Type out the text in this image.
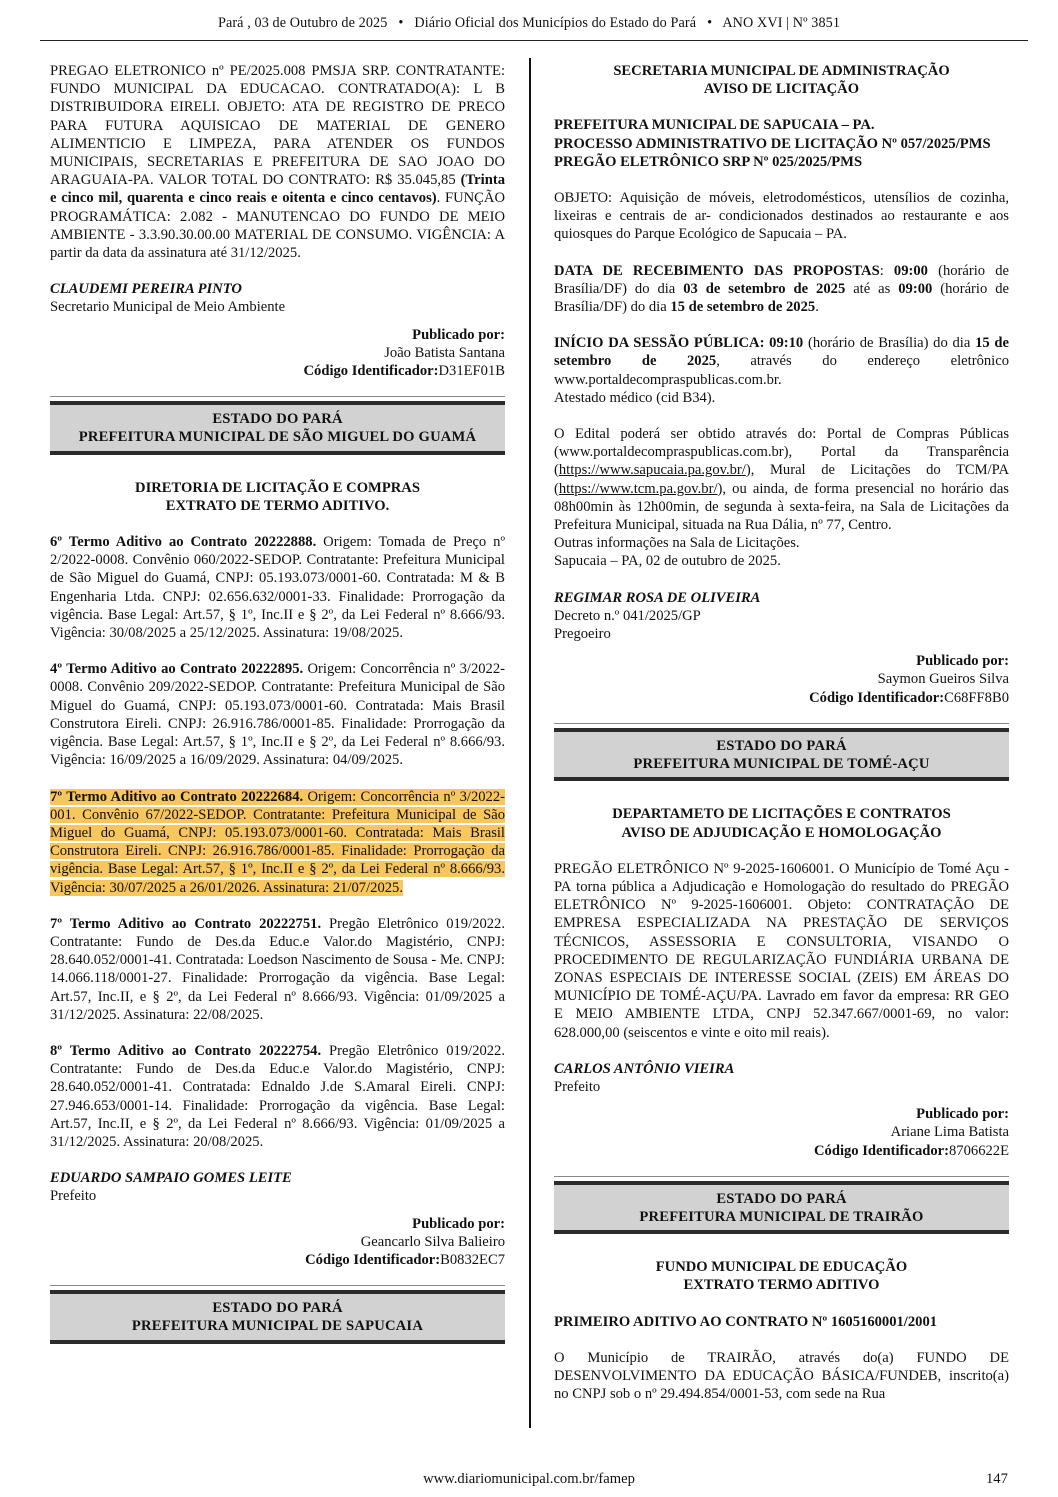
Pará , 03 de Outubro de 2025 • Diário Oficial dos Municípios do Estado do Pará • ANO XVI | Nº 3851

PREGAO ELETRONICO nº PE/2025.008 PMSJA SRP. CONTRATANTE: FUNDO MUNICIPAL DA EDUCACAO. CONTRATADO(A): L B DISTRIBUIDORA EIRELI. OBJETO: ATA DE REGISTRO DE PRECO PARA FUTURA AQUISICAO DE MATERIAL DE GENERO ALIMENTICIO E LIMPEZA, PARA ATENDER OS FUNDOS MUNICIPAIS, SECRETARIAS E PREFEITURA DE SAO JOAO DO ARAGUAIA-PA. VALOR TOTAL DO CONTRATO: R$ 35.045,85 (Trinta e cinco mil, quarenta e cinco reais e oitenta e cinco centavos). FUNÇÃO PROGRAMÁTICA: 2.082 - MANUTENCAO DO FUNDO DE MEIO AMBIENTE - 3.3.90.30.00.00 MATERIAL DE CONSUMO. VIGÊNCIA: A partir da data da assinatura até 31/12/2025.

CLAUDEMI PEREIRA PINTO

Secretario Municipal de Meio Ambiente

Publicado por:

João Batista Santana

Código Identificador:D31EF01B

ESTADO DO PARÁ
PREFEITURA MUNICIPAL DE SÃO MIGUEL DO GUAMÁ

DIRETORIA DE LICITAÇÃO E COMPRAS

EXTRATO DE TERMO ADITIVO.

6º Termo Aditivo ao Contrato 20222888. Origem: Tomada de Preço nº 2/2022-0008. Convênio 060/2022-SEDOP. Contratante: Prefeitura Municipal de São Miguel do Guamá, CNPJ: 05.193.073/0001-60. Contratada: M & B Engenharia Ltda. CNPJ: 02.656.632/0001-33. Finalidade: Prorrogação da vigência. Base Legal: Art.57, § 1º, Inc.II e § 2º, da Lei Federal nº 8.666/93. Vigência: 30/08/2025 a 25/12/2025. Assinatura: 19/08/2025.

4º Termo Aditivo ao Contrato 20222895. Origem: Concorrência nº 3/2022-0008. Convênio 209/2022-SEDOP. Contratante: Prefeitura Municipal de São Miguel do Guamá, CNPJ: 05.193.073/0001-60. Contratada: Mais Brasil Construtora Eireli. CNPJ: 26.916.786/0001-85. Finalidade: Prorrogação da vigência. Base Legal: Art.57, § 1º, Inc.II e § 2º, da Lei Federal nº 8.666/93. Vigência: 16/09/2025 a 16/09/2029. Assinatura: 04/09/2025.

7º Termo Aditivo ao Contrato 20222684. Origem: Concorrência nº 3/2022-001. Convênio 67/2022-SEDOP. Contratante: Prefeitura Municipal de São Miguel do Guamá, CNPJ: 05.193.073/0001-60. Contratada: Mais Brasil Construtora Eireli. CNPJ: 26.916.786/0001-85. Finalidade: Prorrogação da vigência. Base Legal: Art.57, § 1º, Inc.II e § 2º, da Lei Federal nº 8.666/93. Vigência: 30/07/2025 a 26/01/2026. Assinatura: 21/07/2025.

7º Termo Aditivo ao Contrato 20222751. Pregão Eletrônico 019/2022. Contratante: Fundo de Des.da Educ.e Valor.do Magistério, CNPJ: 28.640.052/0001-41. Contratada: Loedson Nascimento de Sousa - Me. CNPJ: 14.066.118/0001-27. Finalidade: Prorrogação da vigência. Base Legal: Art.57, Inc.II, e § 2º, da Lei Federal nº 8.666/93. Vigência: 01/09/2025 a 31/12/2025. Assinatura: 22/08/2025.

8º Termo Aditivo ao Contrato 20222754. Pregão Eletrônico 019/2022. Contratante: Fundo de Des.da Educ.e Valor.do Magistério, CNPJ: 28.640.052/0001-41. Contratada: Ednaldo J.de S.Amaral Eireli. CNPJ: 27.946.653/0001-14. Finalidade: Prorrogação da vigência. Base Legal: Art.57, Inc.II, e § 2º, da Lei Federal nº 8.666/93. Vigência: 01/09/2025 a 31/12/2025. Assinatura: 20/08/2025.

EDUARDO SAMPAIO GOMES LEITE

Prefeito

Publicado por:

Geancarlo Silva Balieiro

Código Identificador:B0832EC7

ESTADO DO PARÁ
PREFEITURA MUNICIPAL DE SAPUCAIA

SECRETARIA MUNICIPAL DE ADMINISTRAÇÃO

AVISO DE LICITAÇÃO

PREFEITURA MUNICIPAL DE SAPUCAIA – PA.

PROCESSO ADMINISTRATIVO DE LICITAÇÃO Nº 057/2025/PMS

PREGÃO ELETRÔNICO SRP Nº 025/2025/PMS

OBJETO: Aquisição de móveis, eletrodomésticos, utensílios de cozinha, lixeiras e centrais de ar- condicionados destinados ao restaurante e aos quiosques do Parque Ecológico de Sapucaia – PA.

DATA DE RECEBIMENTO DAS PROPOSTAS: 09:00 (horário de Brasília/DF) do dia 03 de setembro de 2025 até as 09:00 (horário de Brasília/DF) do dia 15 de setembro de 2025.

INÍCIO DA SESSÃO PÚBLICA: 09:10 (horário de Brasília) do dia 15 de setembro de 2025, através do endereço eletrônico www.portaldecompraspublicas.com.br.

Atestado médico (cid B34).

O Edital poderá ser obtido através do: Portal de Compras Públicas (www.portaldecompraspublicas.com.br), Portal da Transparência (https://www.sapucaia.pa.gov.br/), Mural de Licitações do TCM/PA (https://www.tcm.pa.gov.br/), ou ainda, de forma presencial no horário das 08h00min às 12h00min, de segunda à sexta-feira, na Sala de Licitações da Prefeitura Municipal, situada na Rua Dália, nº 77, Centro.

Outras informações na Sala de Licitações.

Sapucaia – PA, 02 de outubro de 2025.

REGIMAR ROSA DE OLIVEIRA

Decreto n.º 041/2025/GP

Pregoeiro

Publicado por:

Saymon Gueiros Silva

Código Identificador:C68FF8B0

ESTADO DO PARÁ
PREFEITURA MUNICIPAL DE TOMÉ-AÇU

DEPARTAMETO DE LICITAÇÕES E CONTRATOS

AVISO DE ADJUDICAÇÃO E HOMOLOGAÇÃO

PREGÃO ELETRÔNICO Nº 9-2025-1606001. O Município de Tomé Açu - PA torna pública a Adjudicação e Homologação do resultado do PREGÃO ELETRÔNICO Nº 9-2025-1606001. Objeto: CONTRATAÇÃO DE EMPRESA ESPECIALIZADA NA PRESTAÇÃO DE SERVIÇOS TÉCNICOS, ASSESSORIA E CONSULTORIA, VISANDO O PROCEDIMENTO DE REGULARIZAÇÃO FUNDIÁRIA URBANA DE ZONAS ESPECIAIS DE INTERESSE SOCIAL (ZEIS) EM ÁREAS DO MUNICÍPIO DE TOMÉ-AÇU/PA. Lavrado em favor da empresa: RR GEO E MEIO AMBIENTE LTDA, CNPJ 52.347.667/0001-69, no valor: 628.000,00 (seiscentos e vinte e oito mil reais).

CARLOS ANTÔNIO VIEIRA

Prefeito

Publicado por:

Ariane Lima Batista

Código Identificador:8706622E

ESTADO DO PARÁ
PREFEITURA MUNICIPAL DE TRAIRÃO

FUNDO MUNICIPAL DE EDUCAÇÃO

EXTRATO TERMO ADITIVO

PRIMEIRO ADITIVO AO CONTRATO Nº 1605160001/2001

O Município de TRAIRÃO, através do(a) FUNDO DE DESENVOLVIMENTO DA EDUCAÇÃO BÁSICA/FUNDEB, inscrito(a) no CNPJ sob o nº 29.494.854/0001-53, com sede na Rua

www.diariomunicipal.com.br/famep	147
